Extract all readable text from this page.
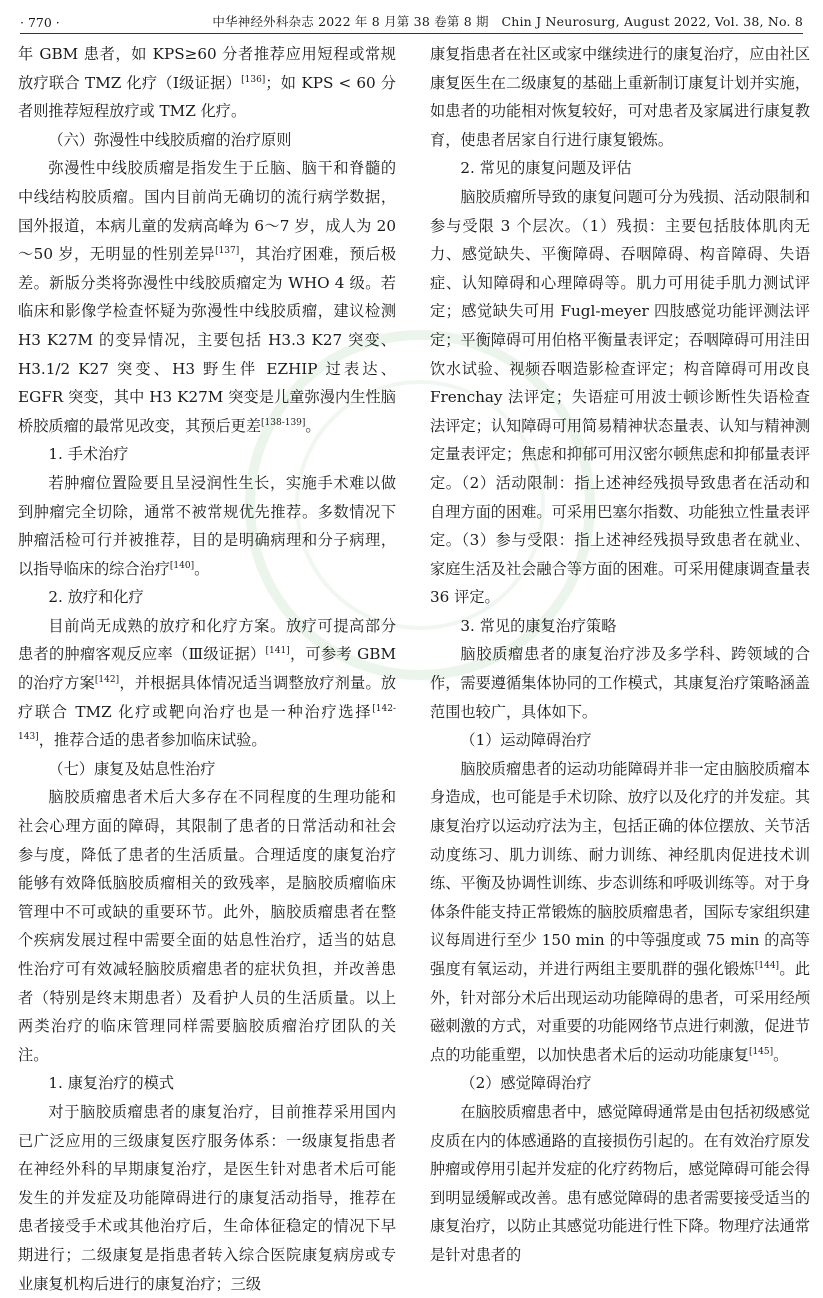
· 770 ·	中华神经外科杂志 2022 年 8 月第 38 卷第 8 期　Chin J Neurosurg, August 2022, Vol. 38, No. 8

年 GBM 患者，如 KPS≥60 分者推荐应用短程或常规放疗联合 TMZ 化疗（Ⅰ级证据）[136]；如 KPS < 60 分者则推荐短程放疗或 TMZ 化疗。

（六）弥漫性中线胶质瘤的治疗原则

弥漫性中线胶质瘤是指发生于丘脑、脑干和脊髓的中线结构胶质瘤。国内目前尚无确切的流行病学数据，国外报道，本病儿童的发病高峰为 6～7 岁，成人为 20～50 岁，无明显的性别差异[137]，其治疗困难，预后极差。新版分类将弥漫性中线胶质瘤定为 WHO 4 级。若临床和影像学检查怀疑为弥漫性中线胶质瘤，建议检测 H3 K27M 的变异情况，主要包括 H3.3 K27 突变、H3.1/2 K27 突变、H3 野生伴 EZHIP 过表达、EGFR 突变，其中 H3 K27M 突变是儿童弥漫内生性脑桥胶质瘤的最常见改变，其预后更差[138-139]。

1. 手术治疗

若肿瘤位置险要且呈浸润性生长，实施手术难以做到肿瘤完全切除，通常不被常规优先推荐。多数情况下肿瘤活检可行并被推荐，目的是明确病理和分子病理，以指导临床的综合治疗[140]。

2. 放疗和化疗

目前尚无成熟的放疗和化疗方案。放疗可提高部分患者的肿瘤客观反应率（Ⅲ级证据）[141]，可参考 GBM 的治疗方案[142]，并根据具体情况适当调整放疗剂量。放疗联合 TMZ 化疗或靶向治疗也是一种治疗选择[142-143]，推荐合适的患者参加临床试验。

（七）康复及姑息性治疗

脑胶质瘤患者术后大多存在不同程度的生理功能和社会心理方面的障碍，其限制了患者的日常活动和社会参与度，降低了患者的生活质量。合理适度的康复治疗能够有效降低脑胶质瘤相关的致残率，是脑胶质瘤临床管理中不可或缺的重要环节。此外，脑胶质瘤患者在整个疾病发展过程中需要全面的姑息性治疗，适当的姑息性治疗可有效减轻脑胶质瘤患者的症状负担，并改善患者（特别是终末期患者）及看护人员的生活质量。以上两类治疗的临床管理同样需要脑胶质瘤治疗团队的关注。

1. 康复治疗的模式

对于脑胶质瘤患者的康复治疗，目前推荐采用国内已广泛应用的三级康复医疗服务体系：一级康复指患者在神经外科的早期康复治疗，是医生针对患者术后可能发生的并发症及功能障碍进行的康复活动指导，推荐在患者接受手术或其他治疗后，生命体征稳定的情况下早期进行；二级康复是指患者转入综合医院康复病房或专业康复机构后进行的康复治疗；三级

康复指患者在社区或家中继续进行的康复治疗，应由社区康复医生在二级康复的基础上重新制订康复计划并实施，如患者的功能相对恢复较好，可对患者及家属进行康复教育，使患者居家自行进行康复锻炼。

2. 常见的康复问题及评估

脑胶质瘤所导致的康复问题可分为残损、活动限制和参与受限 3 个层次。（1）残损：主要包括肢体肌肉无力、感觉缺失、平衡障碍、吞咽障碍、构音障碍、失语症、认知障碍和心理障碍等。肌力可用徒手肌力测试评定；感觉缺失可用 Fugl-meyer 四肢感觉功能评测法评定；平衡障碍可用伯格平衡量表评定；吞咽障碍可用洼田饮水试验、视频吞咽造影检查评定；构音障碍可用改良 Frenchay 法评定；失语症可用波士顿诊断性失语检查法评定；认知障碍可用简易精神状态量表、认知与精神测定量表评定；焦虑和抑郁可用汉密尔顿焦虑和抑郁量表评定。（2）活动限制：指上述神经残损导致患者在活动和自理方面的困难。可采用巴塞尔指数、功能独立性量表评定。（3）参与受限：指上述神经残损导致患者在就业、家庭生活及社会融合等方面的困难。可采用健康调查量表 36 评定。

3. 常见的康复治疗策略

脑胶质瘤患者的康复治疗涉及多学科、跨领域的合作，需要遵循集体协同的工作模式，其康复治疗策略涵盖范围也较广，具体如下。

（1）运动障碍治疗

脑胶质瘤患者的运动功能障碍并非一定由脑胶质瘤本身造成，也可能是手术切除、放疗以及化疗的并发症。其康复治疗以运动疗法为主，包括正确的体位摆放、关节活动度练习、肌力训练、耐力训练、神经肌肉促进技术训练、平衡及协调性训练、步态训练和呼吸训练等。对于身体条件能支持正常锻炼的脑胶质瘤患者，国际专家组织建议每周进行至少 150 min 的中等强度或 75 min 的高等强度有氧运动，并进行两组主要肌群的强化锻炼[144]。此外，针对部分术后出现运动功能障碍的患者，可采用经颅磁刺激的方式，对重要的功能网络节点进行刺激，促进节点的功能重塑，以加快患者术后的运动功能康复[145]。

（2）感觉障碍治疗

在脑胶质瘤患者中，感觉障碍通常是由包括初级感觉皮质在内的体感通路的直接损伤引起的。在有效治疗原发肿瘤或停用引起并发症的化疗药物后，感觉障碍可能会得到明显缓解或改善。患有感觉障碍的患者需要接受适当的康复治疗，以防止其感觉功能进行性下降。物理疗法通常是针对患者的
